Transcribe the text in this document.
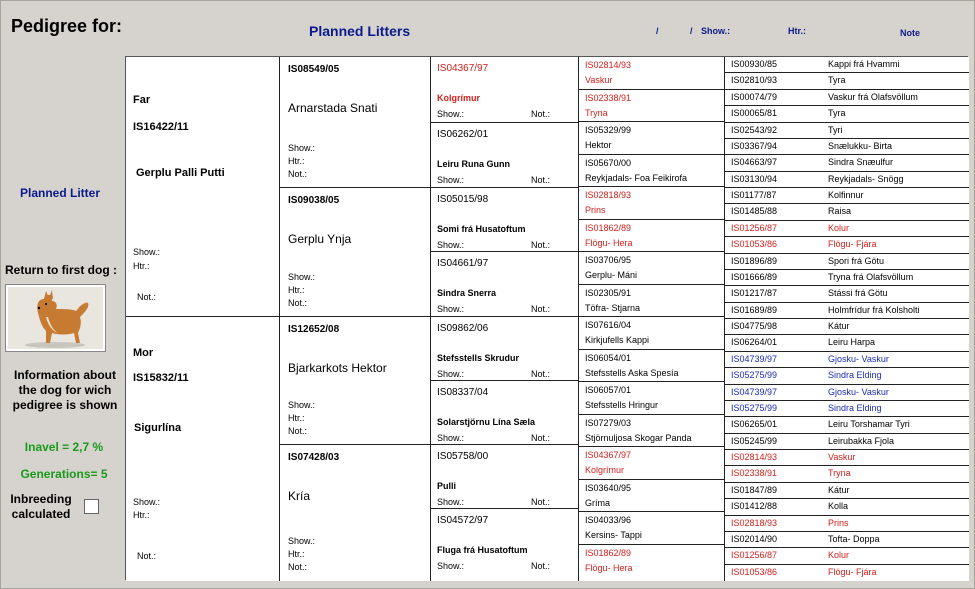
Pedigree for:	Planned Litters	/	/ Show.:	Htr.:	Note
Planned Litter
Return to first dog :
Information about the dog for wich pedigree is shown
Inavel = 2,7 %
Generations= 5
Inbreeding calculated
Far
IS16422/11
Gerplu Palli Putti
Show.:
Htr.:
Not.:
Mor
IS15832/11
Sigurlína
Show.:
Htr.:
Not.:
IS08549/05
Arnarstada Snati
Show.:
Htr.:
Not.:
IS09038/05
Gerplu Ynja
Show.:
Htr.:
Not.:
IS12652/08
Bjarkarkots Hektor
Show.:
Htr.:
Not.:
IS07428/03
Kría
Show.:
Htr.:
Not.:
IS04367/97
Kolgrímur
Show.:	Not.:
IS06262/01
Leiru Runa Gunn
Show.:	Not.:
IS05015/98
Somi frá Husatoftum
Show.:	Not.:
IS04661/97
Sindra Snerra
Show.:	Not.:
IS09862/06
Stefsstells Skrudur
Show.:	Not.:
IS08337/04
Solarstjörnu Lína Sæla
Show.:	Not.:
IS05758/00
Pulli
Show.:	Not.:
IS04572/97
Fluga frá Husatoftum
Show.:	Not.:
IS02814/93
Vaskur
IS02338/91
Tryna
IS05329/99
Hektor
IS05670/00
Reykjadals- Foa Feikirofa
IS02818/93
Prins
IS01862/89
Flögu- Hera
IS03706/95
Gerplu- Máni
IS02305/91
Töfra- Stjarna
IS07616/04
Kirkjufells Kappi
IS06054/01
Stefsstells Aska Spesía
IS06057/01
Stefsstells Hringur
IS07279/03
Stjörnuljosa Skogar Panda
IS04367/97
Kolgrímur
IS03640/95
Gríma
IS04033/96
Kersins- Tappi
IS01862/89
Flögu- Hera
IS00930/85	Kappi frá Hvammi
IS02810/93	Tyra
IS00074/79	Vaskur frá Olafsvöllum
IS00065/81	Tyra
IS02543/92	Tyri
IS03367/94	Snælukku- Birta
IS04663/97	Sindra Snæulfur
IS03130/94	Reykjadals- Snögg
IS01177/87	Kolfinnur
IS01485/88	Raisa
IS01256/87	Kolur
IS01053/86	Flögu- Fjára
IS01896/89	Spori frá Götu
IS01666/89	Tryna frá Olafsvöllum
IS01217/87	Stássi frá Götu
IS01689/89	Holmfrídur frá Kolsholti
IS04775/98	Kátur
IS06264/01	Leiru Harpa
IS04739/97	Gjosku- Vaskur
IS05275/99	Sindra Elding
IS04739/97	Gjosku- Vaskur
IS05275/99	Sindra Elding
IS06265/01	Leiru Torshamar Tyri
IS05245/99	Leirubakka Fjola
IS02814/93	Vaskur
IS02338/91	Tryna
IS01847/89	Kátur
IS01412/88	Kolla
IS02818/93	Prins
IS02014/90	Tofta- Doppa
IS01256/87	Kolur
IS01053/86	Flögu- Fjára
